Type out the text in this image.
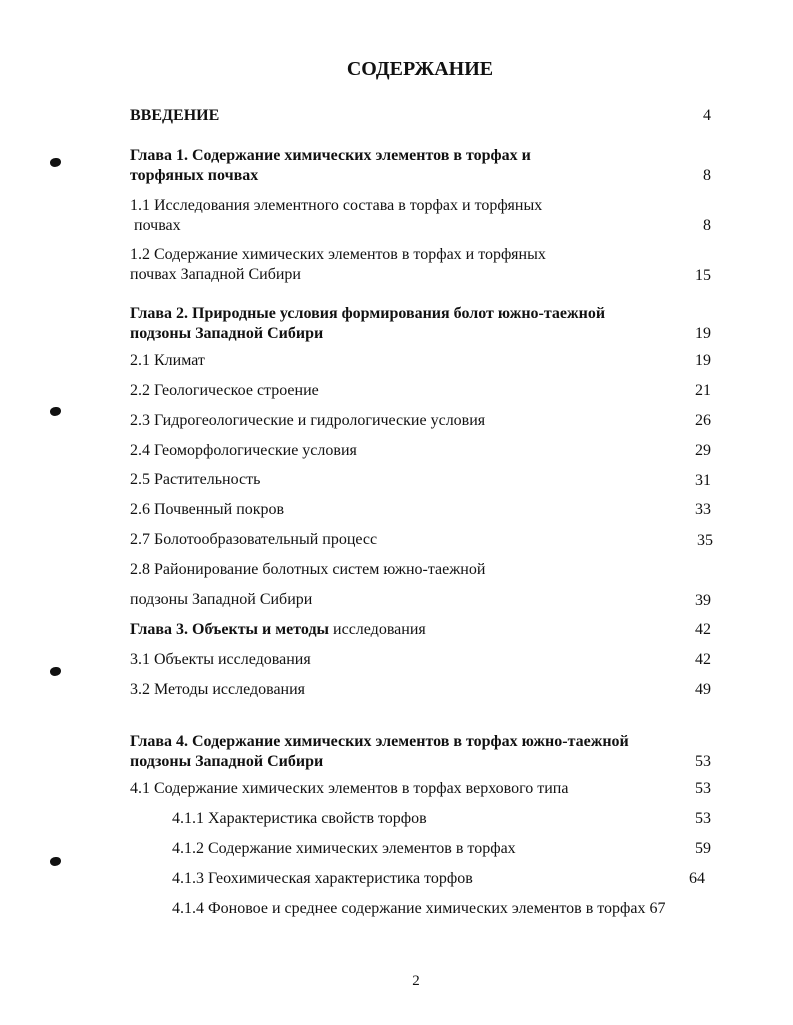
СОДЕРЖАНИЕ
ВВЕДЕНИЕ	4
Глава 1. Содержание химических элементов в торфах и
торфяных почвах	8
1.1 Исследования элементного состава в торфах и торфяных
почвах	8
1.2 Содержание химических элементов в торфах и торфяных
почвах Западной Сибири	15
Глава 2. Природные условия формирования болот южно-таежной
подзоны Западной Сибири	19
2.1 Климат	19
2.2 Геологическое строение	21
2.3 Гидрогеологические и гидрологические условия	26
2.4 Геоморфологические условия	29
2.5 Растительность	31
2.6 Почвенный покров	33
2.7 Болотообразовательный процесс	35
2.8 Районирование болотных систем южно-таежной
подзоны Западной Сибири	39
Глава 3. Объекты и методы исследования	42
3.1 Объекты исследования	42
3.2 Методы исследования	49
Глава 4. Содержание химических элементов в торфах южно-таежной
подзоны Западной Сибири	53
4.1 Содержание химических элементов в торфах верхового типа	53
4.1.1 Характеристика свойств торфов	53
4.1.2 Содержание химических элементов в торфах	59
4.1.3 Геохимическая характеристика торфов	64
4.1.4 Фоновое и среднее содержание химических элементов в торфах 67
2
